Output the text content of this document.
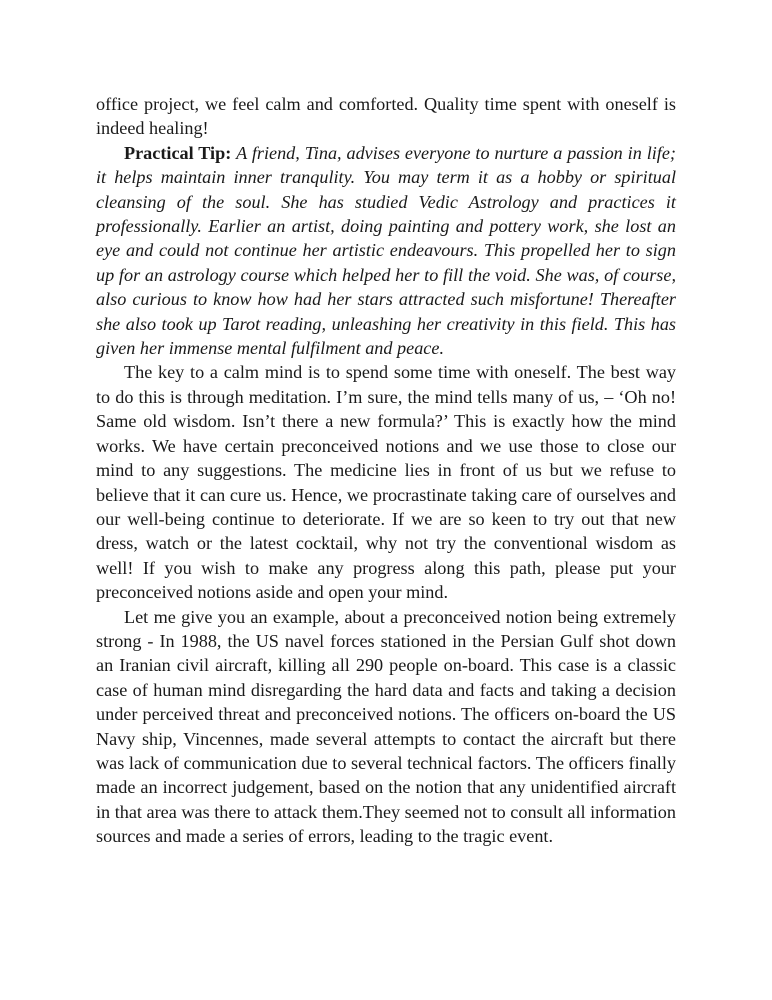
office project, we feel calm and comforted. Quality time spent with oneself is indeed healing!

Practical Tip: A friend, Tina, advises everyone to nurture a passion in life; it helps maintain inner tranqulity. You may term it as a hobby or spiritual cleansing of the soul. She has studied Vedic Astrology and practices it professionally. Earlier an artist, doing painting and pottery work, she lost an eye and could not continue her artistic endeavours. This propelled her to sign up for an astrology course which helped her to fill the void. She was, of course, also curious to know how had her stars attracted such misfortune! Thereafter she also took up Tarot reading, unleashing her creativity in this field. This has given her immense mental fulfilment and peace.

The key to a calm mind is to spend some time with oneself. The best way to do this is through meditation. I’m sure, the mind tells many of us, – ‘Oh no! Same old wisdom. Isn’t there a new formula?’ This is exactly how the mind works. We have certain preconceived notions and we use those to close our mind to any suggestions. The medicine lies in front of us but we refuse to believe that it can cure us. Hence, we procrastinate taking care of ourselves and our well-being continue to deteriorate. If we are so keen to try out that new dress, watch or the latest cocktail, why not try the conventional wisdom as well! If you wish to make any progress along this path, please put your preconceived notions aside and open your mind.

Let me give you an example, about a preconceived notion being extremely strong - In 1988, the US navel forces stationed in the Persian Gulf shot down an Iranian civil aircraft, killing all 290 people on-board. This case is a classic case of human mind disregarding the hard data and facts and taking a decision under perceived threat and preconceived notions. The officers on-board the US Navy ship, Vincennes, made several attempts to contact the aircraft but there was lack of communication due to several technical factors. The officers finally made an incorrect judgement, based on the notion that any unidentified aircraft in that area was there to attack them.They seemed not to consult all information sources and made a series of errors, leading to the tragic event.
